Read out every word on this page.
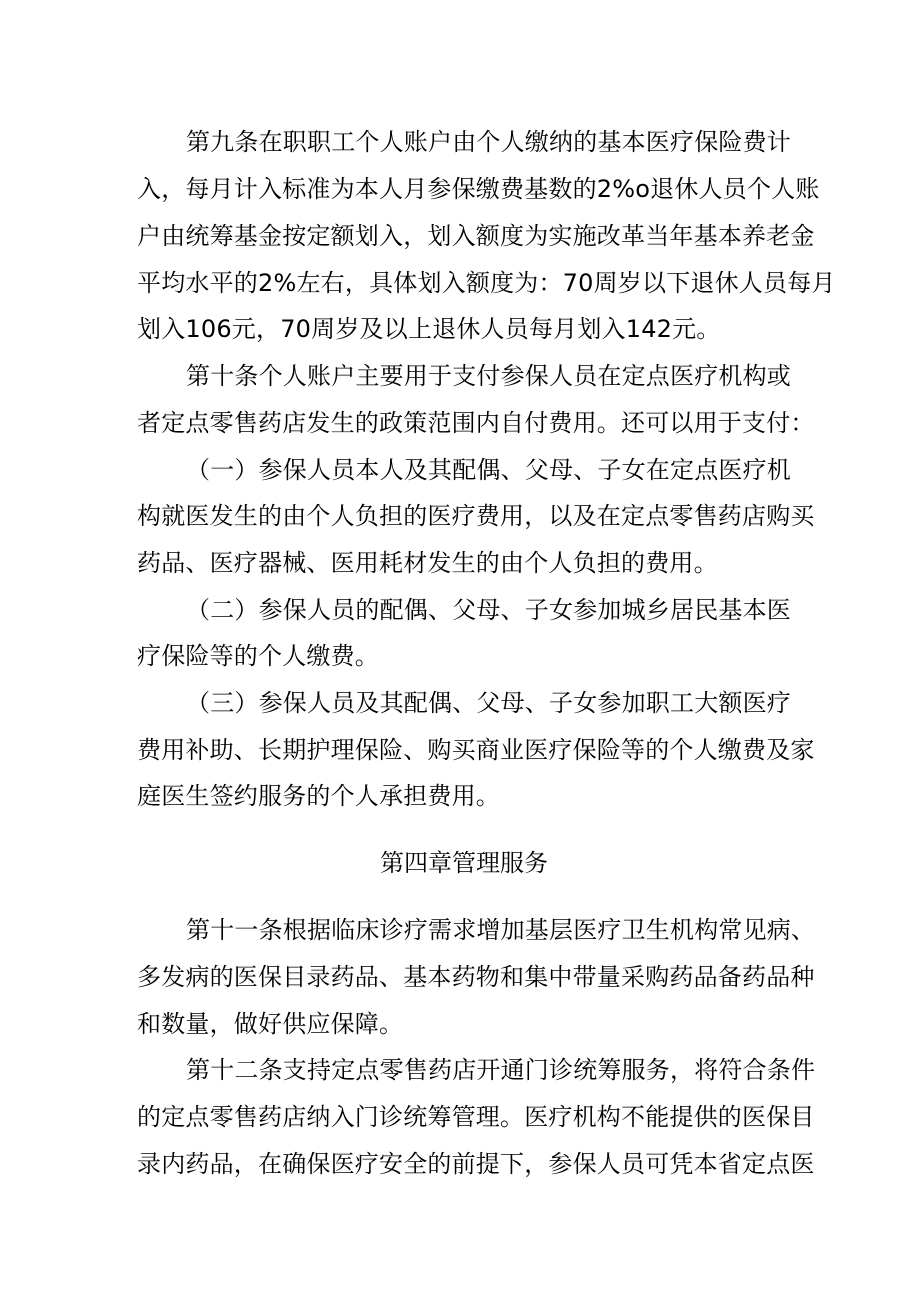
第九条在职职工个人账户由个人缴纳的基本医疗保险费计
入，每月计入标准为本人月参保缴费基数的2%o退休人员个人账
户由统筹基金按定额划入，划入额度为实施改革当年基本养老金
平均水平的2%左右，具体划入额度为：70周岁以下退休人员每月
划入106元，70周岁及以上退休人员每月划入142元。
第十条个人账户主要用于支付参保人员在定点医疗机构或
者定点零售药店发生的政策范围内自付费用。还可以用于支付：
（一）参保人员本人及其配偶、父母、子女在定点医疗机
构就医发生的由个人负担的医疗费用，以及在定点零售药店购买
药品、医疗器械、医用耗材发生的由个人负担的费用。
（二）参保人员的配偶、父母、子女参加城乡居民基本医
疗保险等的个人缴费。
（三）参保人员及其配偶、父母、子女参加职工大额医疗
费用补助、长期护理保险、购买商业医疗保险等的个人缴费及家
庭医生签约服务的个人承担费用。
第四章管理服务
第十一条根据临床诊疗需求增加基层医疗卫生机构常见病、
多发病的医保目录药品、基本药物和集中带量采购药品备药品种
和数量，做好供应保障。
第十二条支持定点零售药店开通门诊统筹服务，将符合条件
的定点零售药店纳入门诊统筹管理。医疗机构不能提供的医保目
录内药品，在确保医疗安全的前提下，参保人员可凭本省定点医
